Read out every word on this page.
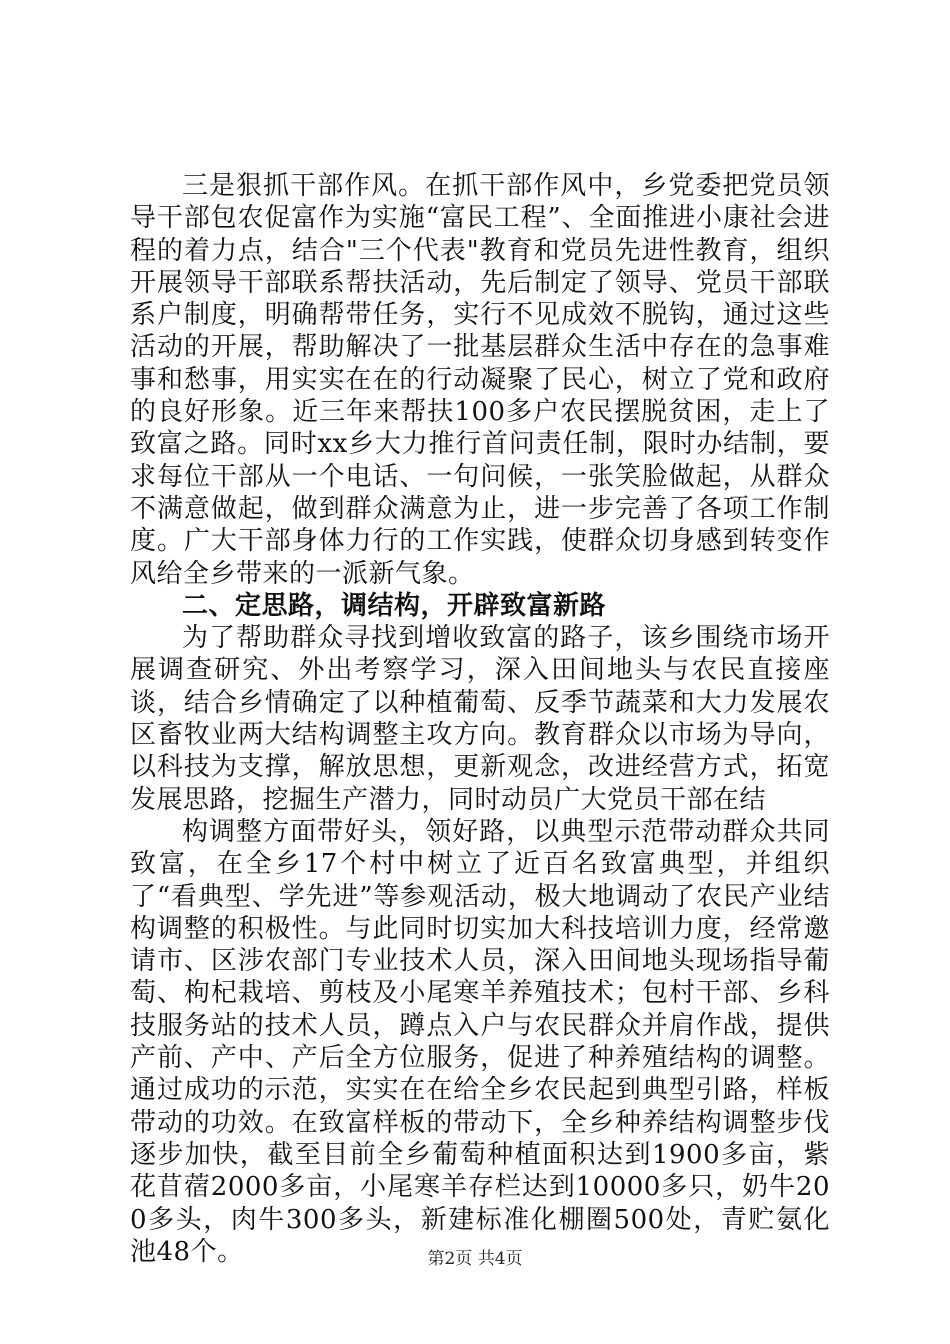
三是狠抓干部作风。在抓干部作风中，乡党委把党员领导干部包农促富作为实施“富民工程”、全面推进小康社会进程的着力点，结合"三个代表"教育和党员先进性教育，组织开展领导干部联系帮扶活动，先后制定了领导、党员干部联系户制度，明确帮带任务，实行不见成效不脱钩，通过这些活动的开展，帮助解决了一批基层群众生活中存在的急事难事和愁事，用实实在在的行动凝聚了民心，树立了党和政府的良好形象。近三年来帮扶100多户农民摆脱贫困，走上了致富之路。同时xx乡大力推行首问责任制，限时办结制，要求每位干部从一个电话、一句问候，一张笑脸做起，从群众不满意做起，做到群众满意为止，进一步完善了各项工作制度。广大干部身体力行的工作实践，使群众切身感到转变作风给全乡带来的一派新气象。

二、定思路，调结构，开辟致富新路

为了帮助群众寻找到增收致富的路子，该乡围绕市场开展调查研究、外出考察学习，深入田间地头与农民直接座谈，结合乡情确定了以种植葡萄、反季节蔬菜和大力发展农区畜牧业两大结构调整主攻方向。教育群众以市场为导向，以科技为支撑，解放思想，更新观念，改进经营方式，拓宽发展思路，挖掘生产潜力，同时动员广大党员干部在结

构调整方面带好头，领好路，以典型示范带动群众共同致富，在全乡17个村中树立了近百名致富典型，并组织了“看典型、学先进”等参观活动，极大地调动了农民产业结构调整的积极性。与此同时切实加大科技培训力度，经常邀请市、区涉农部门专业技术人员，深入田间地头现场指导葡萄、枸杞栽培、剪枝及小尾寒羊养殖技术；包村干部、乡科技服务站的技术人员，蹲点入户与农民群众并肩作战，提供产前、产中、产后全方位服务，促进了种养殖结构的调整。通过成功的示范，实实在在给全乡农民起到典型引路，样板带动的功效。在致富样板的带动下，全乡种养结构调整步伐逐步加快，截至目前全乡葡萄种植面积达到1900多亩，紫花苜蓿2000多亩，小尾寒羊存栏达到10000多只，奶牛200多头，肉牛300多头，新建标准化棚圈500处，青贮氨化池48个。	第2页 共4页
